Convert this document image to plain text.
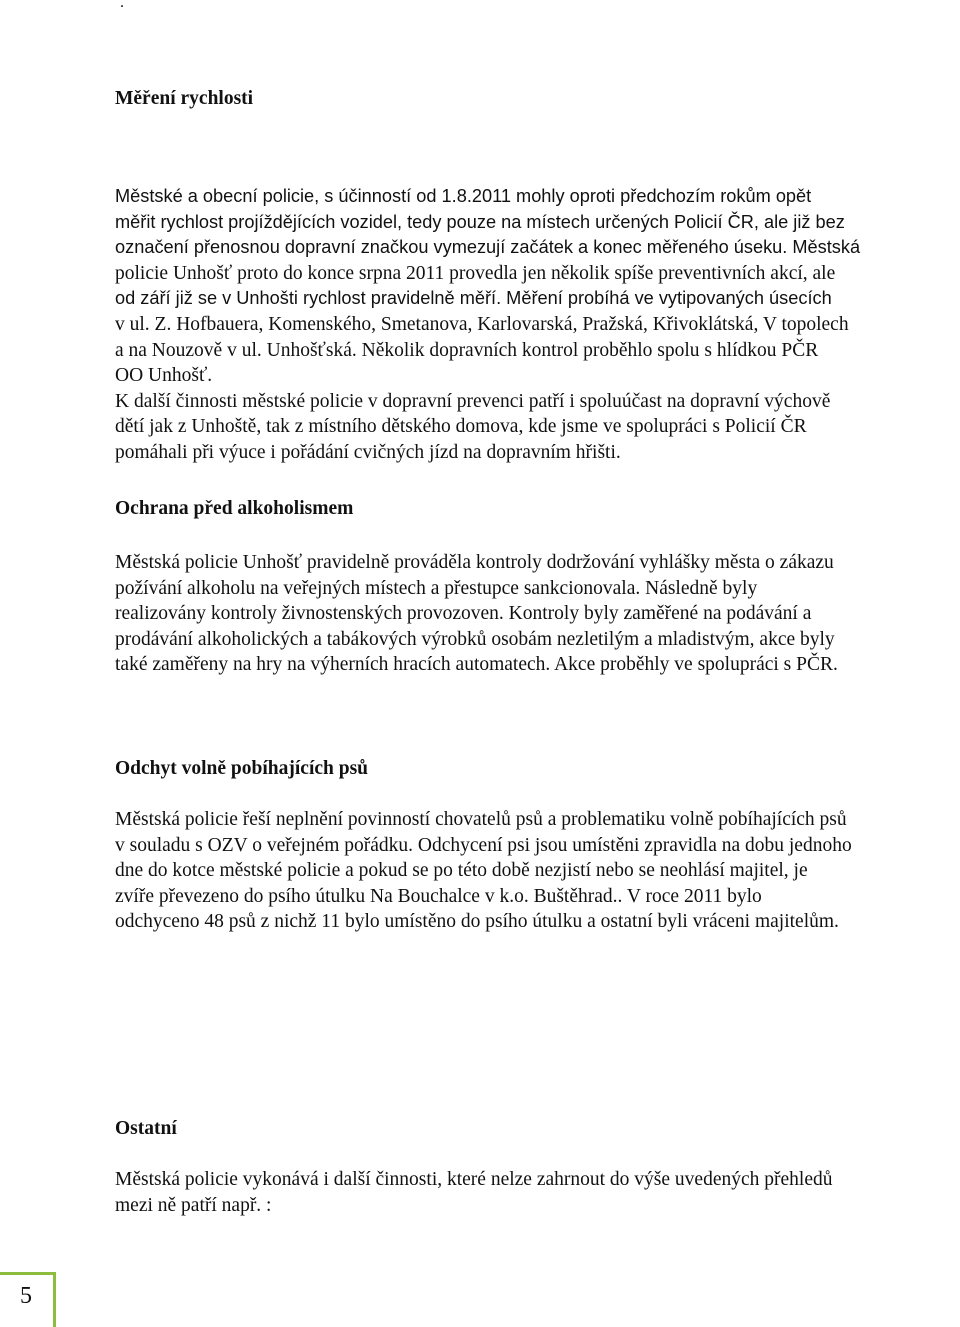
.
Měření rychlosti
Městské a obecní policie, s účinností od 1.8.2011 mohly oproti předchozím rokům opět
měřit rychlost projíždějících vozidel, tedy pouze na místech určených Policií ČR, ale již bez
označení přenosnou dopravní značkou vymezují začátek a konec měřeného úseku. Městská
policie Unhošť proto do konce srpna 2011 provedla jen několik spíše preventivních akcí, ale
od září již se v Unhošti rychlost pravidelně měří. Měření probíhá ve vytipovaných úsecích
v ul. Z. Hofbauera, Komenského, Smetanova, Karlovarská, Pražská, Křivoklátská, V topolech
a na Nouzově v ul. Unhošťská. Několik dopravních kontrol proběhlo spolu s hlídkou PČR
OO Unhošť.
K další činnosti městské policie v dopravní prevenci patří i spoluúčast na dopravní výchově
dětí jak z Unhoště, tak z místního dětského domova, kde jsme ve spolupráci s Policií ČR
pomáhali při výuce i pořádání cvičných jízd na dopravním hřišti.
Ochrana před alkoholismem
Městská policie Unhošť pravidelně prováděla kontroly dodržování vyhlášky města o zákazu
požívání alkoholu na veřejných místech a přestupce sankcionovala. Následně byly
realizovány kontroly živnostenských provozoven. Kontroly byly zaměřené na podávání a
prodávání alkoholických a tabákových výrobků osobám nezletilým a mladistvým, akce byly
také zaměřeny na hry na výherních hracích automatech. Akce proběhly ve spolupráci s PČR.
Odchyt volně pobíhajících psů
Městská policie řeší neplnění povinností chovatelů psů a problematiku volně pobíhajících psů
v souladu s OZV o veřejném pořádku. Odchycení psi jsou umístěni zpravidla na dobu jednoho
dne do kotce městské policie a pokud se po této době nezjistí nebo se neohlásí majitel, je
zvíře převezeno do psího útulku Na Bouchalce v k.o. Buštěhrad.. V roce 2011 bylo
odchyceno 48 psů z nichž 11 bylo umístěno do psího útulku a ostatní byli vráceni majitelům.
Ostatní
Městská policie vykonává i další činnosti, které nelze zahrnout do výše uvedených přehledů
mezi ně patří např. :
5
